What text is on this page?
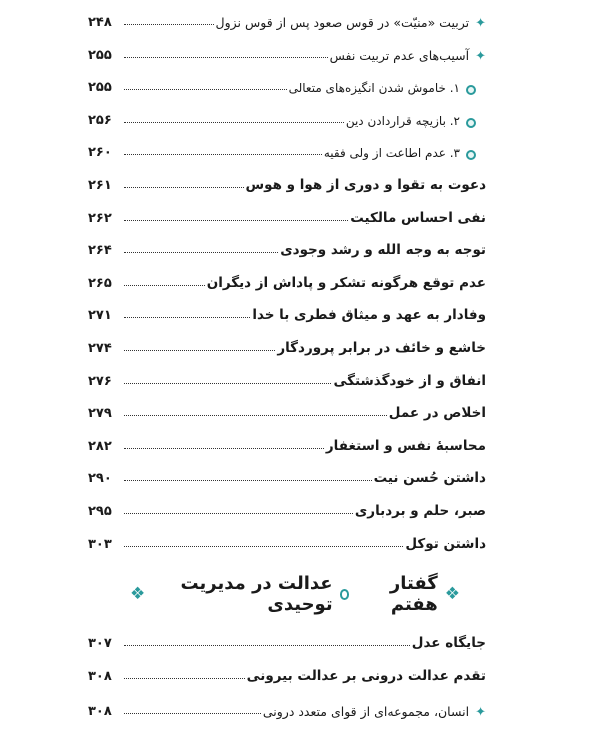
✦
تربیت «منیّت» در قوس صعود پس از قوس نزول
۲۴۸
✦
آسیب‌های عدم تربیت نفس
۲۵۵
۱. خاموش شدن انگیزه‌های متعالی
۲۵۵
۲. بازیچه قراردادن دین
۲۵۶
۳. عدم اطاعت از ولی فقیه
۲۶۰
دعوت به تقوا و دوری از هوا و هوس
۲۶۱
نفی احساس مالکیت
۲۶۲
توجه به وجه الله و رشد وجودی
۲۶۴
عدم توقع هرگونه تشکر و پاداش از دیگران
۲۶۵
وفادار به عهد و میثاق فطری با خدا
۲۷۱
خاشع و خائف در برابر پروردگار
۲۷۴
انفاق و از خودگذشتگی
۲۷۶
اخلاص در عمل
۲۷۹
محاسبهٔ نفس و استغفار
۲۸۲
داشتن حُسن نیت
۲۹۰
صبر، حلم و بردباری
۲۹۵
داشتن توکل
۳۰۳
❖
گفتار هفتم
عدالت در مدیریت توحیدی
❖
جایگاه عدل
۳۰۷
تقدم عدالت درونی بر عدالت بیرونی
۳۰۸
✦
انسان، مجموعه‌ای از قوای متعدد درونی
۳۰۸
